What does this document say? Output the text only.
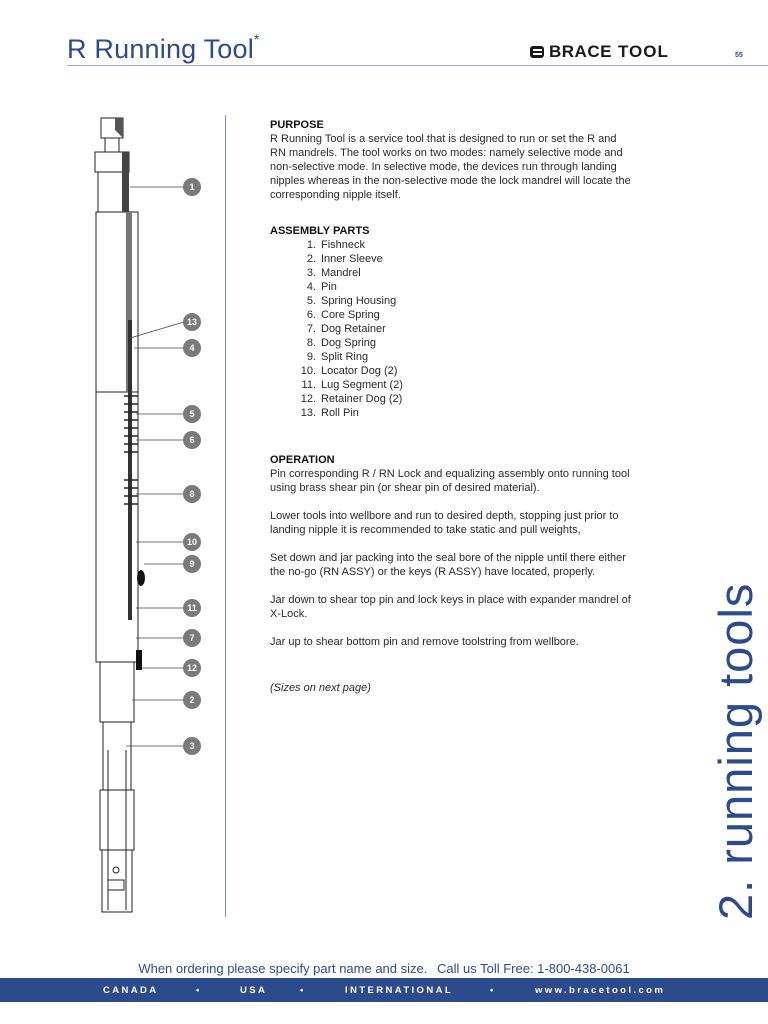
R Running Tool*
BRACE TOOL	55
1
13
4
5
6
8
10
9
11
7
12
2
3

PURPOSE

R Running Tool is a service tool that is designed to run or set the R and

RN mandrels. The tool works on two modes: namely selective mode and

non-selective mode. In selective mode, the devices run through landing

nipples whereas in the non-selective mode the lock mandrel will locate the

corresponding nipple itself.

ASSEMBLY PARTS

1. Fishneck
2. Inner Sleeve
3. Mandrel
4. Pin
5. Spring Housing
6. Core Spring
7. Dog Retainer
8. Dog Spring
9. Split Ring
10. Locator Dog (2)
11. Lug Segment (2)
12. Retainer Dog (2)
13. Roll Pin

OPERATION

Pin corresponding R / RN Lock and equalizing assembly onto running tool

using brass shear pin (or shear pin of desired material).

Lower tools into wellbore and run to desired depth, stopping just prior to

landing nipple it is recommended to take static and pull weights,

Set down and jar packing into the seal bore of the nipple until there either

the no-go (RN ASSY) or the keys (R ASSY) have located, properly.

Jar down to shear top pin and lock keys in place with expander mandrel of

X-Lock.

Jar up to shear bottom pin and remove toolstring from wellbore.

(Sizes on next page)	2. running tools
When ordering please specify part name and size. Call us Toll Free: 1-800-438-0061
CANADA	•	USA	•	INTERNATIONAL	•	www.bracetool.com
